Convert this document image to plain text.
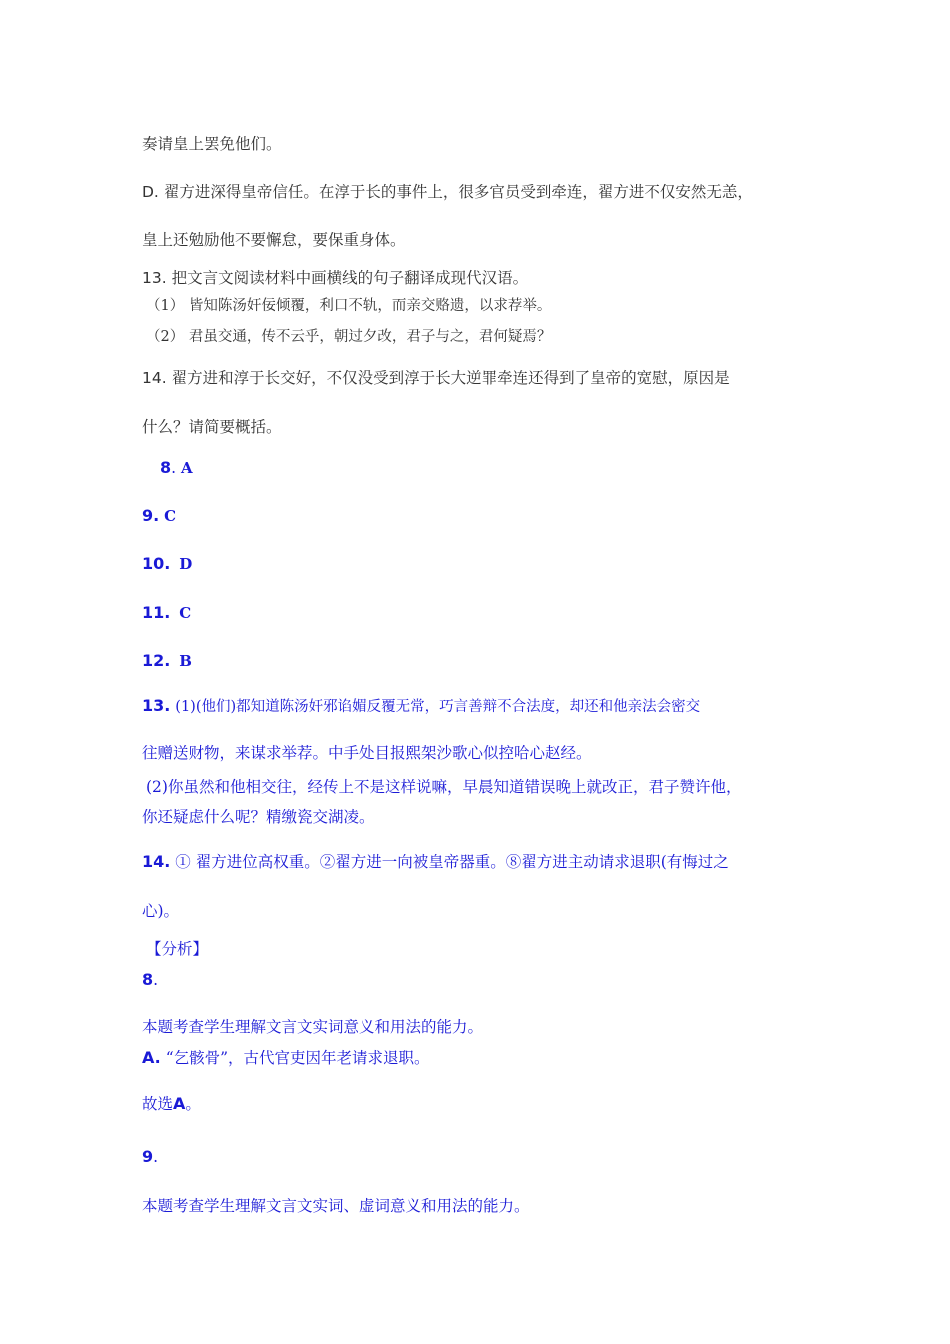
奏请皇上罢免他们。
D. 翟方进深得皇帝信任。在淳于长的事件上，很多官员受到牵连，翟方进不仅安然无恙，
皇上还勉励他不要懈怠，要保重身体。
13. 把文言文阅读材料中画横线的句子翻译成现代汉语。
（1） 皆知陈汤奸佞倾覆，利口不轨，而亲交赂遗，以求荐举。
（2） 君虽交通，传不云乎，朝过夕改，君子与之，君何疑焉？
14. 翟方进和淳于长交好，不仅没受到淳于长大逆罪牵连还得到了皇帝的宽慰，原因是
什么？请简要概括。
8. A
9. C
10. D
11. C
12. B
13. (1)(他们)都知道陈汤奸邪谄媚反覆无常，巧言善辩不合法度，却还和他亲法会密交
往赠送财物，来谋求举荐。中手处目报熙架沙歌心似控哈心赵经。
(2)你虽然和他相交往，经传上不是这样说嘛，早晨知道错误晚上就改正，君子赞许他，
你还疑虑什么呢？精缴瓷交湖凌。
14. ① 翟方进位高权重。②翟方进一向被皇帝器重。⑧翟方进主动请求退职(有悔过之
心)。
【分析】
8.
本题考查学生理解文言文实词意义和用法的能力。
A. “乞骸骨”，古代官吏因年老请求退职。
故选A。
9.
本题考查学生理解文言文实词、虚词意义和用法的能力。
